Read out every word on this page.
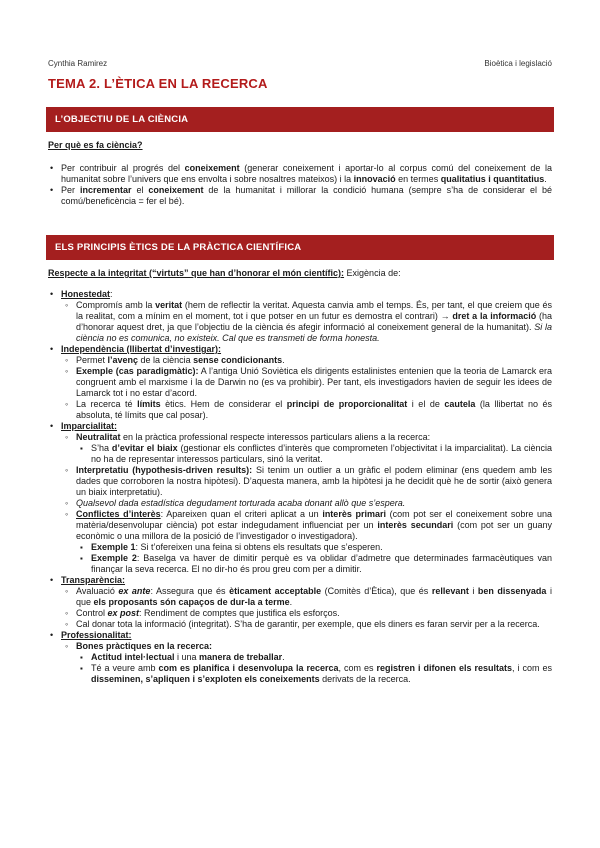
Cynthia Ramirez	Bioètica i legislació
TEMA 2. L’ÈTICA EN LA RECERCA
L’OBJECTIU DE LA CIÈNCIA
Per què es fa ciència?
• Per contribuir al progrés del coneixement (generar coneixement i aportar-lo al corpus comú del coneixement de la humanitat sobre l’univers que ens envolta i sobre nosaltres mateixos) i la innovació en termes qualitatius i quantitatius.
• Per incrementar el coneixement de la humanitat i millorar la condició humana (sempre s’ha de considerar el bé comú/beneficència = fer el bé).
ELS PRINCIPIS ÈTICS DE LA PRÀCTICA CIENTÍFICA
Respecte a la integritat (“virtuts” que han d’honorar el món científic): Exigència de:
• Honestedat:
◦ Compromís amb la veritat (hem de reflectir la veritat. Aquesta canvia amb el temps. És, per tant, el que creiem que és la realitat, com a mínim en el moment, tot i que potser en un futur es demostra el contrari) → dret a la informació (ha d’honorar aquest dret, ja que l’objectiu de la ciència és afegir informació al coneixement general de la humanitat). Si la ciència no es comunica, no existeix. Cal que es transmeti de forma honesta.
• Independència (llibertat d’investigar):
◦ Permet l’avenç de la ciència sense condicionants.
◦ Exemple (cas paradigmàtic): A l’antiga Unió Soviètica els dirigents estalinistes entenien que la teoria de Lamarck era congruent amb el marxisme i la de Darwin no (es va prohibir). Per tant, els investigadors havien de seguir les idees de Lamarck tot i no estar d’acord.
◦ La recerca té límits ètics. Hem de considerar el principi de proporcionalitat i el de cautela (la llibertat no és absoluta, té límits que cal posar).
• Imparcialitat:
◦ Neutralitat en la pràctica professional respecte interessos particulars aliens a la recerca:
▪ S’ha d’evitar el biaix (gestionar els conflictes d’interès que comprometen l’objectivitat i la imparcialitat). La ciència no ha de representar interessos particulars, sinó la veritat.
◦ Interpretatiu (hypothesis-driven results): Si tenim un outlier a un gràfic el podem eliminar (ens quedem amb les dades que corroboren la nostra hipòtesi). D’aquesta manera, amb la hipòtesi ja he decidit què he de sortir (això genera un biaix interpretatiu).
◦ Qualsevol dada estadística degudament torturada acaba donant allò que s’espera.
◦ Conflictes d’interès: Apareixen quan el criteri aplicat a un interès primari (com pot ser el coneixement sobre una matèria/desenvolupar ciència) pot estar indegudament influenciat per un interès secundari (com pot ser un guany econòmic o una millora de la posició de l’investigador o investigadora).
▪ Exemple 1: Si t’ofereixen una feina si obtens els resultats que s’esperen.
▪ Exemple 2: Baselga va haver de dimitir perquè es va oblidar d’admetre que determinades farmacèutiques van finançar la seva recerca. El no dir-ho és prou greu com per a dimitir.
• Transparència:
◦ Avaluació ex ante: Assegura que és èticament acceptable (Comitès d’Ètica), que és rellevant i ben dissenyada i que els proposants són capaços de dur-la a terme.
◦ Control ex post: Rendiment de comptes que justifica els esforços.
◦ Cal donar tota la informació (integritat). S’ha de garantir, per exemple, que els diners es faran servir per a la recerca.
• Professionalitat:
◦ Bones pràctiques en la recerca:
▪ Actitud intel·lectual i una manera de treballar.
▪ Té a veure amb com es planifica i desenvolupa la recerca, com es registren i difonen els resultats, i com es disseminen, s’apliquen i s’exploten els coneixements derivats de la recerca.
